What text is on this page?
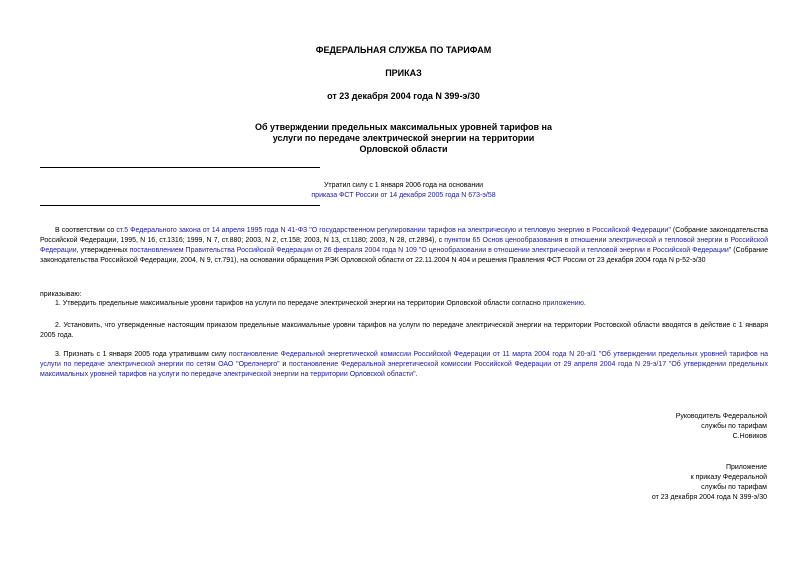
ФЕДЕРАЛЬНАЯ СЛУЖБА ПО ТАРИФАМ
ПРИКАЗ
от 23 декабря 2004 года N 399-э/30
Об утверждении предельных максимальных уровней тарифов на
услуги по передаче электрической энергии на территории
Орловской области
Утратил силу с 1 января 2006 года на основании
приказа ФСТ России от 14 декабря 2005 года N 673-э/58
В соответствии со ст.5 Федерального закона от 14 апреля 1995 года N 41-ФЗ "О государственном регулировании тарифов на электрическую и тепловую энергию в Российской Федерации" (Собрание законодательства Российской Федерации, 1995, N 16, ст.1316; 1999, N 7, ст.880; 2003, N 2, ст.158; 2003, N 13, ст.1180; 2003, N 28, ст.2894), с пунктом 65 Основ ценообразования в отношении электрической и тепловой энергии в Российской Федерации, утвержденных постановлением Правительства Российской Федерации от 26 февраля 2004 года N 109 "О ценообразовании в отношении электрической и тепловой энергии в Российской Федерации" (Собрание законодательства Российской Федерации, 2004, N 9, ст.791), на основании обращения РЭК Орловской области от 22.11.2004 N 404 и решения Правления ФСТ России от 23 декабря 2004 года N р-52-э/30
приказываю:
1. Утвердить предельные максимальные уровни тарифов на услуги по передаче электрической энергии на территории Орловской области согласно приложению.
2. Установить, что утвержденные настоящим приказом предельные максимальные уровни тарифов на услуги по передаче электрической энергии на территории Ростовской области вводятся в действие с 1 января 2005 года.
3. Признать с 1 января 2005 года утратившим силу постановление Федеральной энергетической комиссии Российской Федерации от 11 марта 2004 года N 20-э/1 "Об утверждении предельных уровней тарифов на услуги по передаче электрической энергии по сетям ОАО "Орелэнерго" и постановление Федеральной энергетической комиссии Российской Федерации от 29 апреля 2004 года N 29-э/17 "Об утверждении предельных максимальных уровней тарифов на услуги по передаче электрической энергии на территории Орловской области".
Руководитель Федеральной
службы по тарифам
С.Новиков
Приложение
к приказу Федеральной
службы по тарифам
от 23 декабря 2004 года N 399-э/30
